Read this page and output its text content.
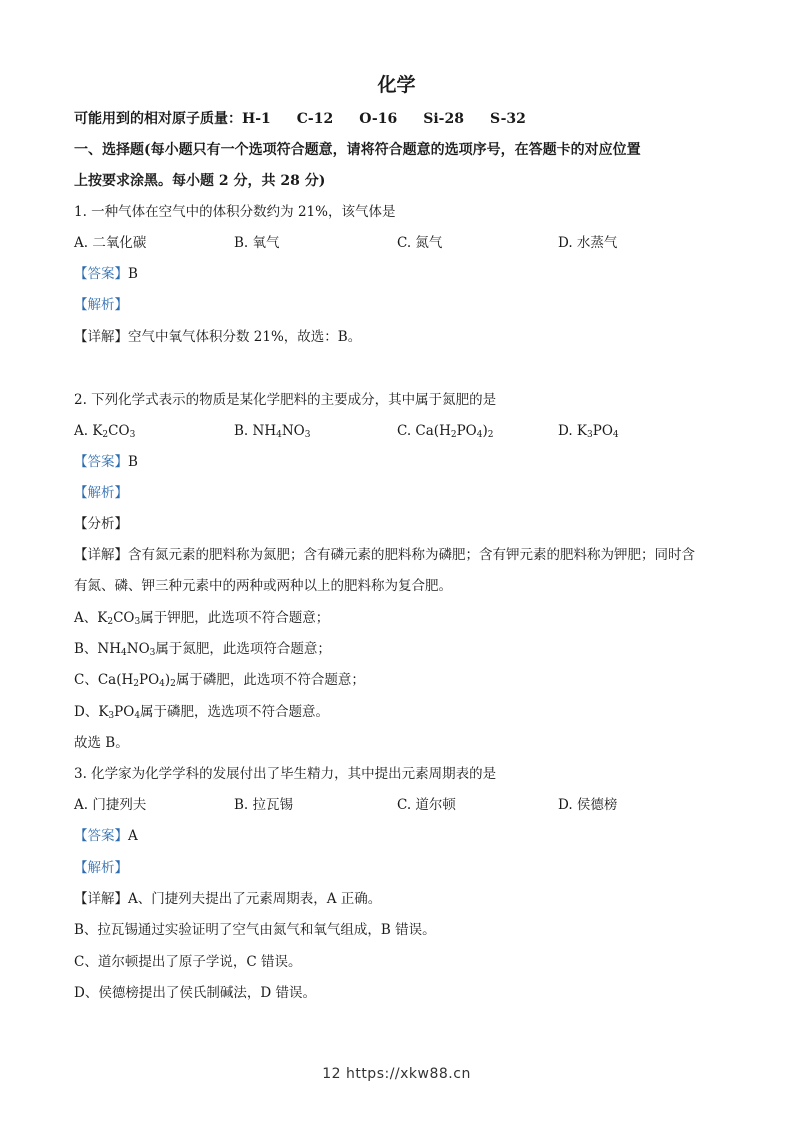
化学
可能用到的相对原子质量：H-1 C-12 O-16 Si-28 S-32
一、选择题(每小题只有一个选项符合题意，请将符合题意的选项序号，在答题卡的对应位置
上按要求涂黑。每小题 2 分，共 28 分)
1. 一种气体在空气中的体积分数约为 21%，该气体是
A. 二氧化碳	B. 氧气	C. 氮气	D. 水蒸气
【答案】B
【解析】
【详解】空气中氧气体积分数 21%，故选：B。
2. 下列化学式表示的物质是某化学肥料的主要成分，其中属于氮肥的是
A. $K_2CO_3$	B. $NH_4NO_3$	C. $Ca(H_2PO_4)_2$	D. $K_3PO_4$
【答案】B
【解析】
【分析】
【详解】含有氮元素的肥料称为氮肥；含有磷元素的肥料称为磷肥；含有钾元素的肥料称为钾肥；同时含
有氮、磷、钾三种元素中的两种或两种以上的肥料称为复合肥。
A、$K_2CO_3$属于钾肥，此选项不符合题意；
B、$NH_4NO_3$属于氮肥，此选项符合题意；
C、$Ca(H_2PO_4)_2$属于磷肥，此选项不符合题意；
D、$K_3PO_4$属于磷肥，选选项不符合题意。
故选 B。
3. 化学家为化学学科的发展付出了毕生精力，其中提出元素周期表的是
A. 门捷列夫	B. 拉瓦锡	C. 道尔顿	D. 侯德榜
【答案】A
【解析】
【详解】A、门捷列夫提出了元素周期表，A 正确。
B、拉瓦锡通过实验证明了空气由氮气和氧气组成，B 错误。
C、道尔顿提出了原子学说，C 错误。
D、侯德榜提出了侯氏制碱法，D 错误。
12 https://xkw88.cn
